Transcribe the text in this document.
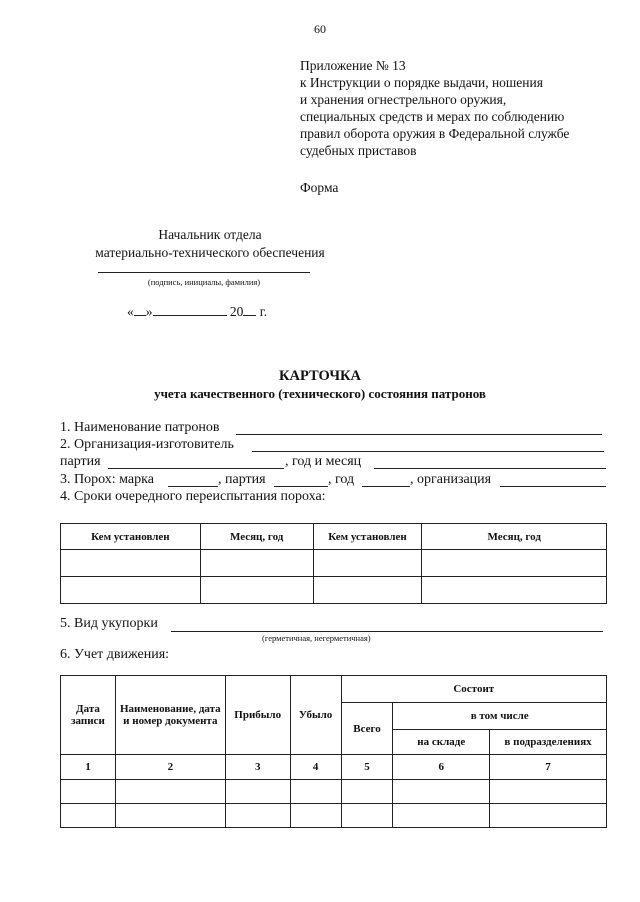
60
Приложение № 13
к Инструкции о порядке выдачи, ношения
и хранения огнестрельного оружия,
специальных средств и мерах по соблюдению
правил оборота оружия в Федеральной службе
судебных приставов
Форма
Начальник отдела
материально-технического обеспечения
(подпись, инициалы, фамилия)
« »	20 г.
КАРТОЧКА
учета качественного (технического) состояния патронов
1. Наименование патронов
2. Организация-изготовитель
партия	, год и месяц
3. Порох: марка	, партия	, год	, организация
4. Сроки очередного переиспытания пороха:
Кем установлен	Месяц, год	Кем установлен	Месяц, год

5. Вид укупорки
(герметичная, негерметичная)
6. Учет движения:
Дата записи	Наименование, дата и номер документа	Прибыло	Убыло	Состоит		
				Всего	в том числе	
					на складе	в подразделениях
1	2	3	4	5	6	7
